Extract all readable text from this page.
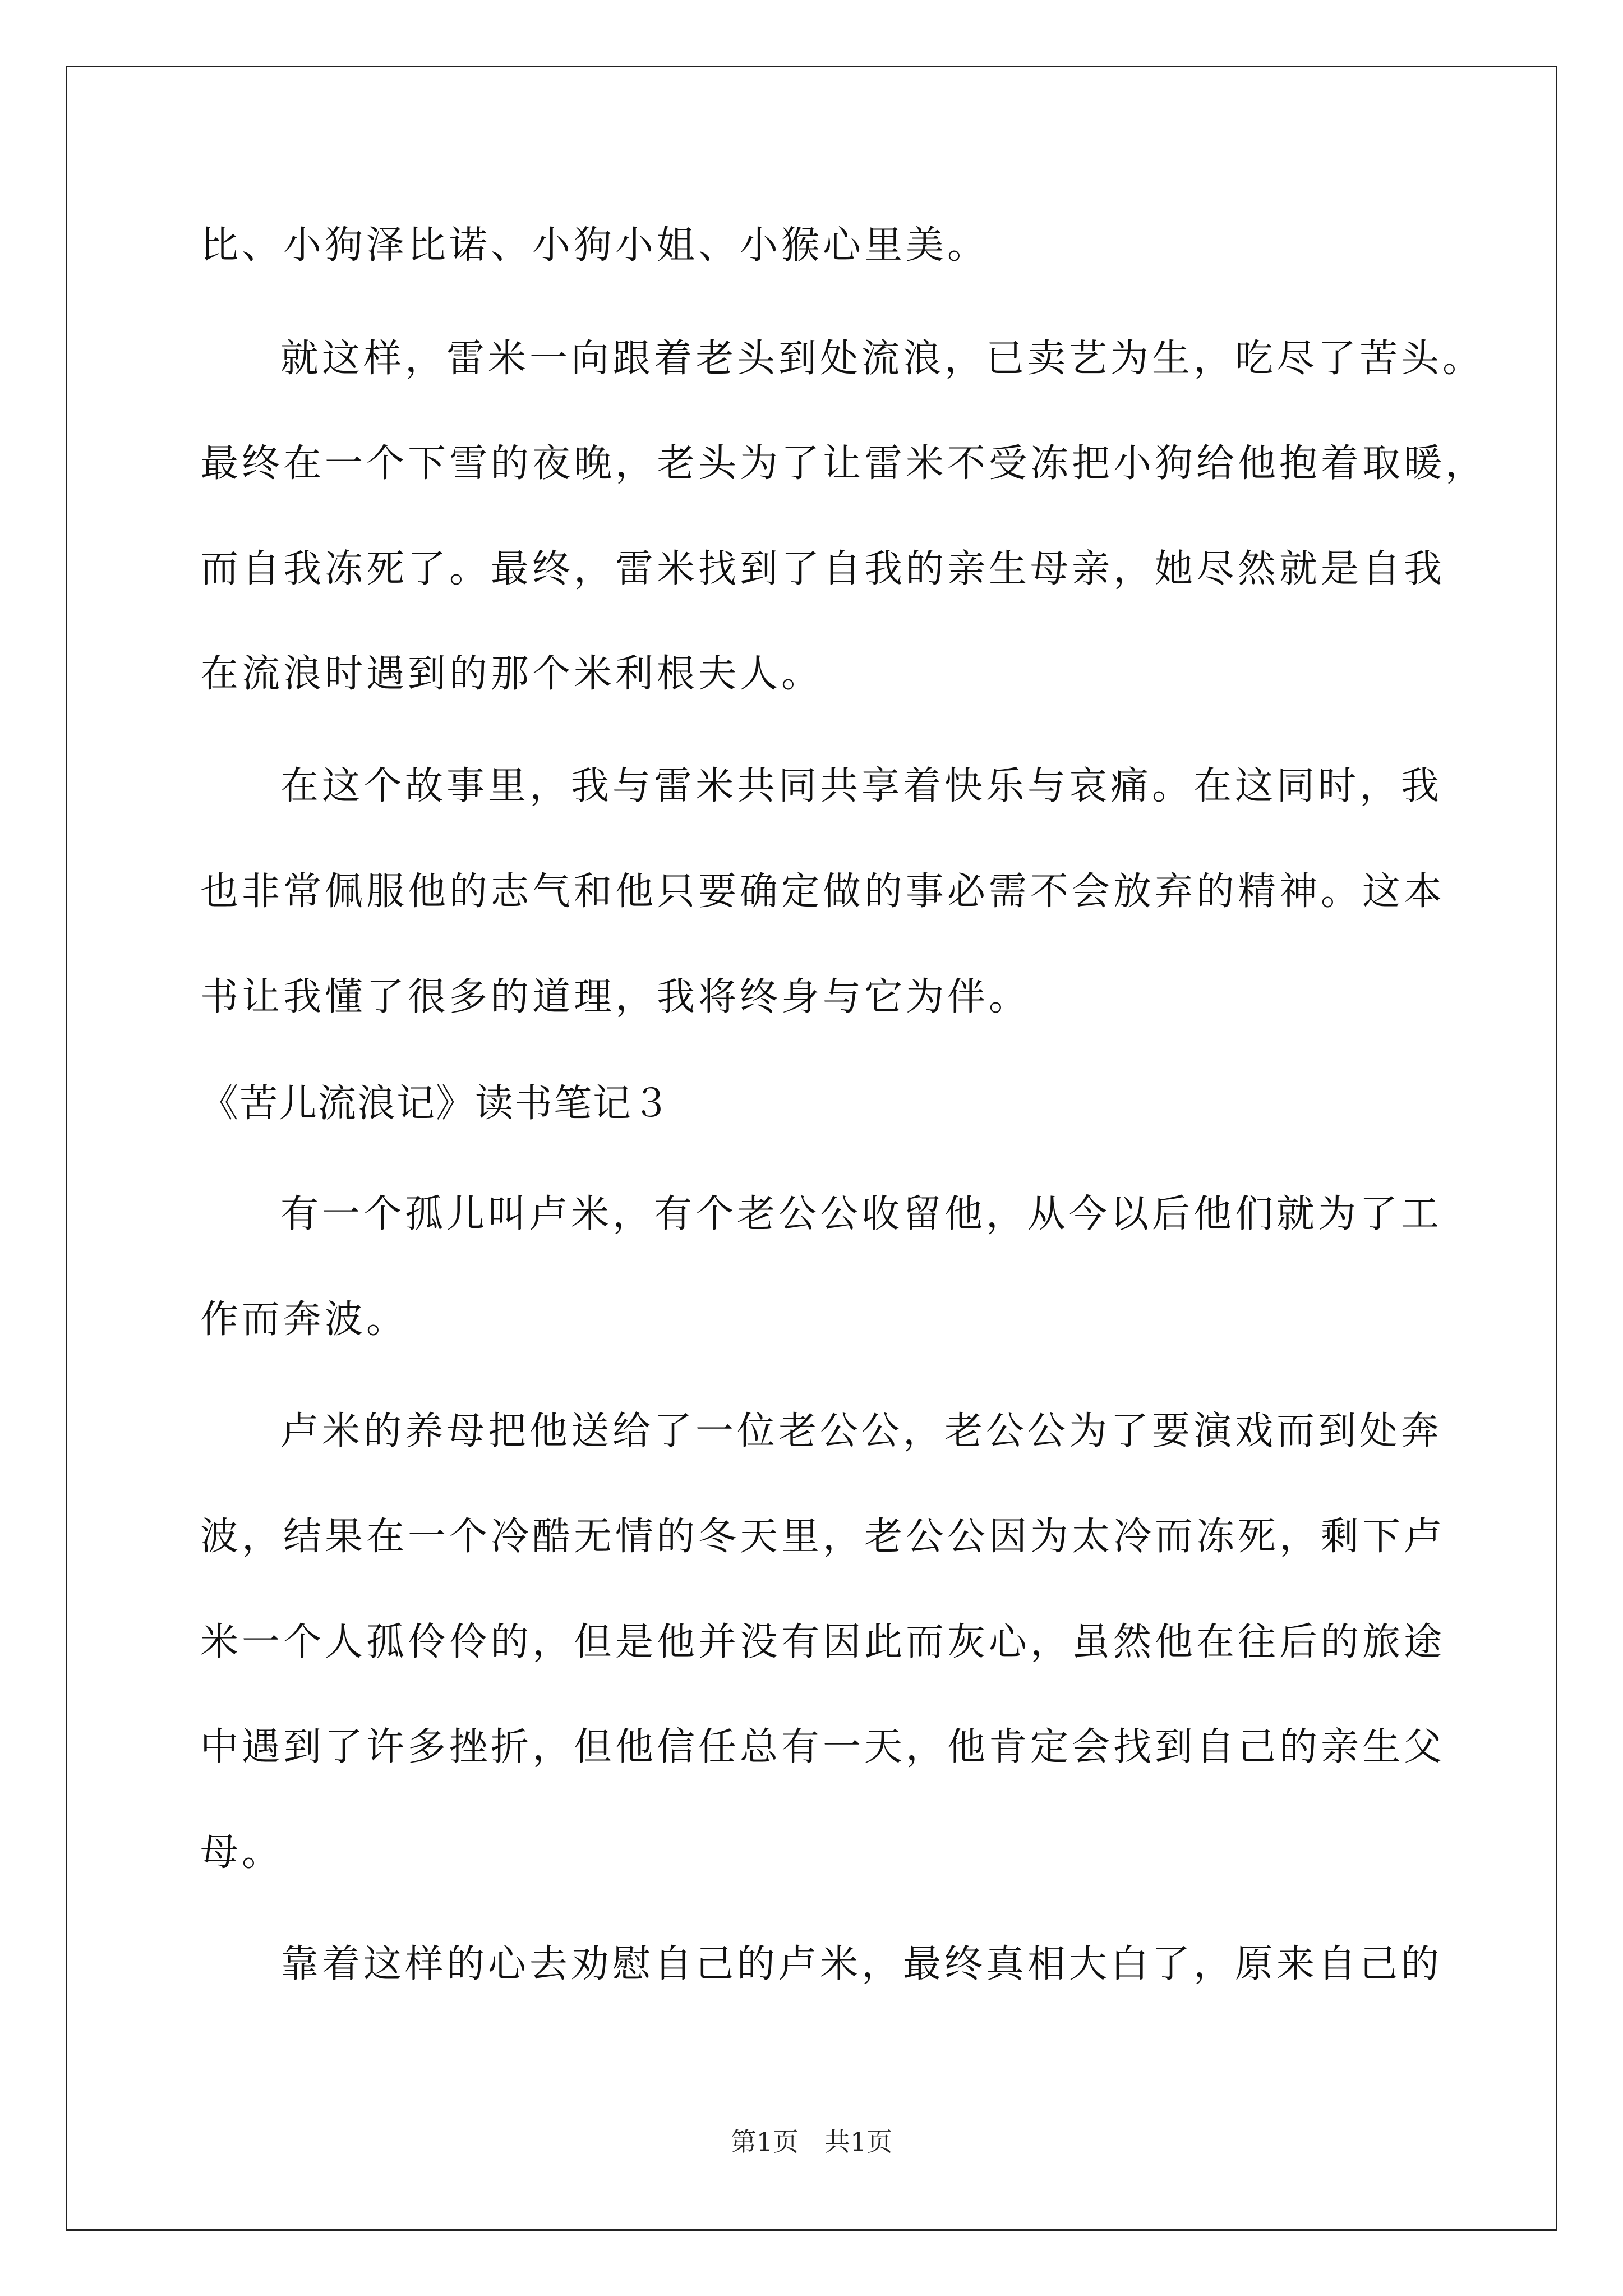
比、小狗泽比诺、小狗小姐、小猴心里美。
就这样，雷米一向跟着老头到处流浪，已卖艺为生，吃尽了苦头。
最终在一个下雪的夜晚，老头为了让雷米不受冻把小狗给他抱着取暖，
而自我冻死了。最终，雷米找到了自我的亲生母亲，她尽然就是自我
在流浪时遇到的那个米利根夫人。
在这个故事里，我与雷米共同共享着快乐与哀痛。在这同时，我
也非常佩服他的志气和他只要确定做的事必需不会放弃的精神。这本
书让我懂了很多的道理，我将终身与它为伴。
《苦儿流浪记》读书笔记３
有一个孤儿叫卢米，有个老公公收留他，从今以后他们就为了工
作而奔波。
卢米的养母把他送给了一位老公公，老公公为了要演戏而到处奔
波，结果在一个冷酷无情的冬天里，老公公因为太冷而冻死，剩下卢
米一个人孤伶伶的，但是他并没有因此而灰心，虽然他在往后的旅途
中遇到了许多挫折，但他信任总有一天，他肯定会找到自己的亲生父
母。
靠着这样的心去劝慰自己的卢米，最终真相大白了，原来自己的
第1页　共1页
